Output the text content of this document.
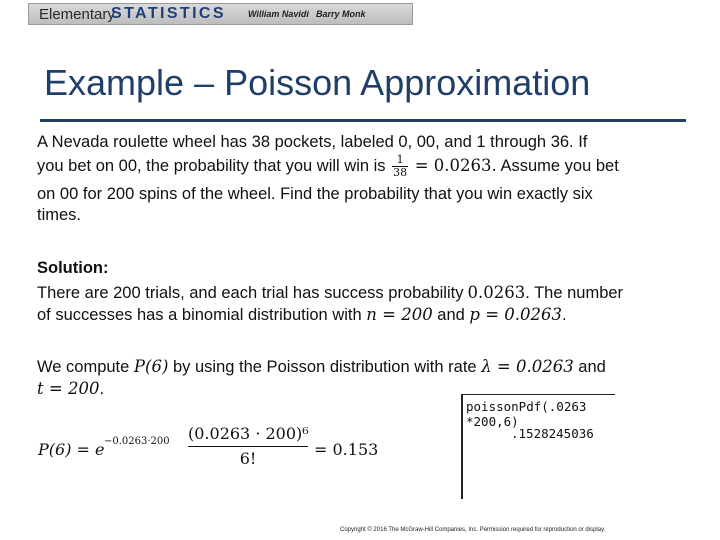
Elementary
STATISTICS William Navidi Barry Monk
Example – Poisson Approximation
A Nevada roulette wheel has 38 pockets, labeled 0, 00, and 1 through 36. If
you bet on 00, the probability that you will win is $\frac{1}{38} = 0.0263$. Assume you bet
on 00 for 200 spins of the wheel. Find the probability that you win exactly six
times.
Solution:
There are 200 trials, and each trial has success probability 0.0263. The number
of successes has a binomial distribution with n = 200 and p = 0.0263.
We compute P(6) by using the Poisson distribution with rate λ = 0.0263 and
t = 200.
P(6) = e −0.0263·200 (0.0263 · 200)⁶
6!	= 0.153
poissonPdf(.0263
*200,6)
.1528245036
Copyright © 2016 The McGraw-Hill Companies, Inc. Permission required for reproduction or display.
